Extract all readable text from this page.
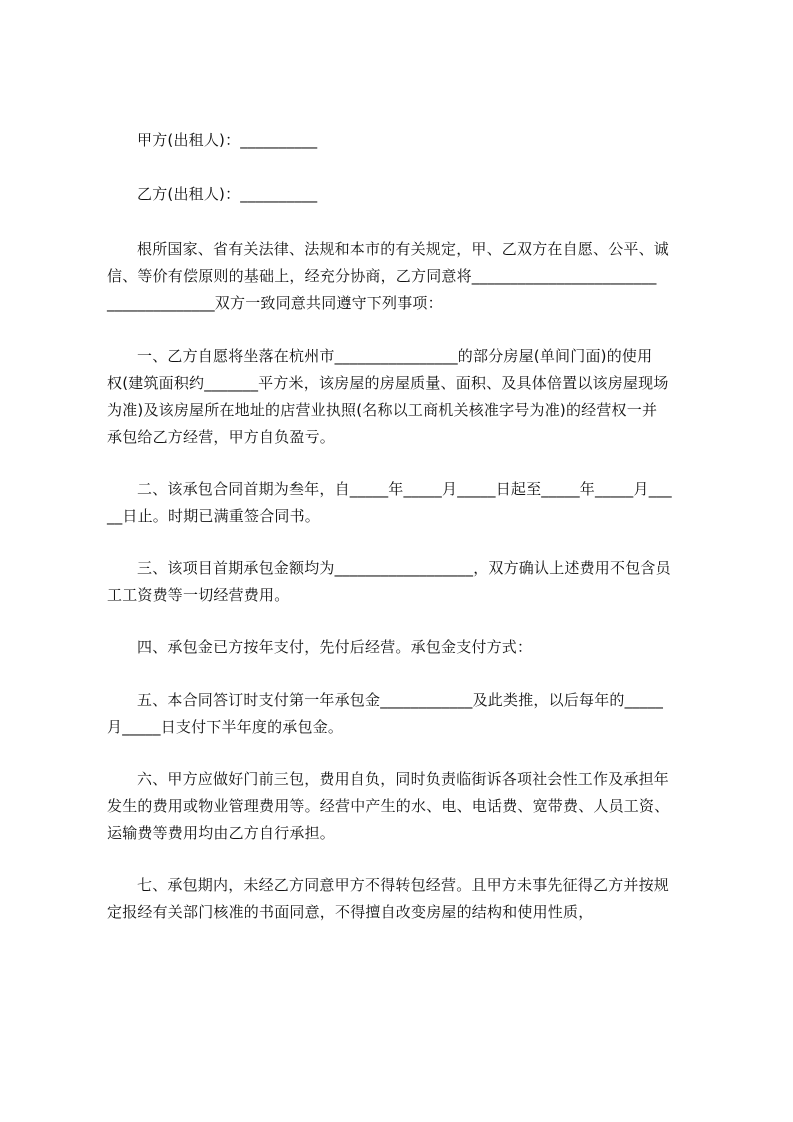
甲方(出租人)：__________
乙方(出租人)：__________
根所国家、省有关法律、法规和本市的有关规定，甲、乙双方在自愿、公平、诚
信、等价有偿原则的基础上，经充分协商，乙方同意将________________________
______________双方一致同意共同遵守下列事项：
一、乙方自愿将坐落在杭州市________________的部分房屋(单间门面)的使用
权(建筑面积约_______平方米，该房屋的房屋质量、面积、及具体倍置以该房屋现场
为准)及该房屋所在地址的店营业执照(名称以工商机关核准字号为准)的经营权一并
承包给乙方经营，甲方自负盈亏。
二、该承包合同首期为叁年，自_____年_____月_____日起至_____年_____月___
__日止。时期已满重签合同书。
三、该项目首期承包金额均为__________________，双方确认上述费用不包含员
工工资费等一切经营费用。
四、承包金已方按年支付，先付后经营。承包金支付方式：
五、本合同答订时支付第一年承包金____________及此类推，以后每年的_____
月_____日支付下半年度的承包金。
六、甲方应做好门前三包，费用自负，同时负责临街诉各项社会性工作及承担年
发生的费用或物业管理费用等。经营中产生的水、电、电话费、宽带费、人员工资、
运输费等费用均由乙方自行承担。
七、承包期内，未经乙方同意甲方不得转包经营。且甲方未事先征得乙方并按规
定报经有关部门核准的书面同意，不得擅自改变房屋的结构和使用性质，
